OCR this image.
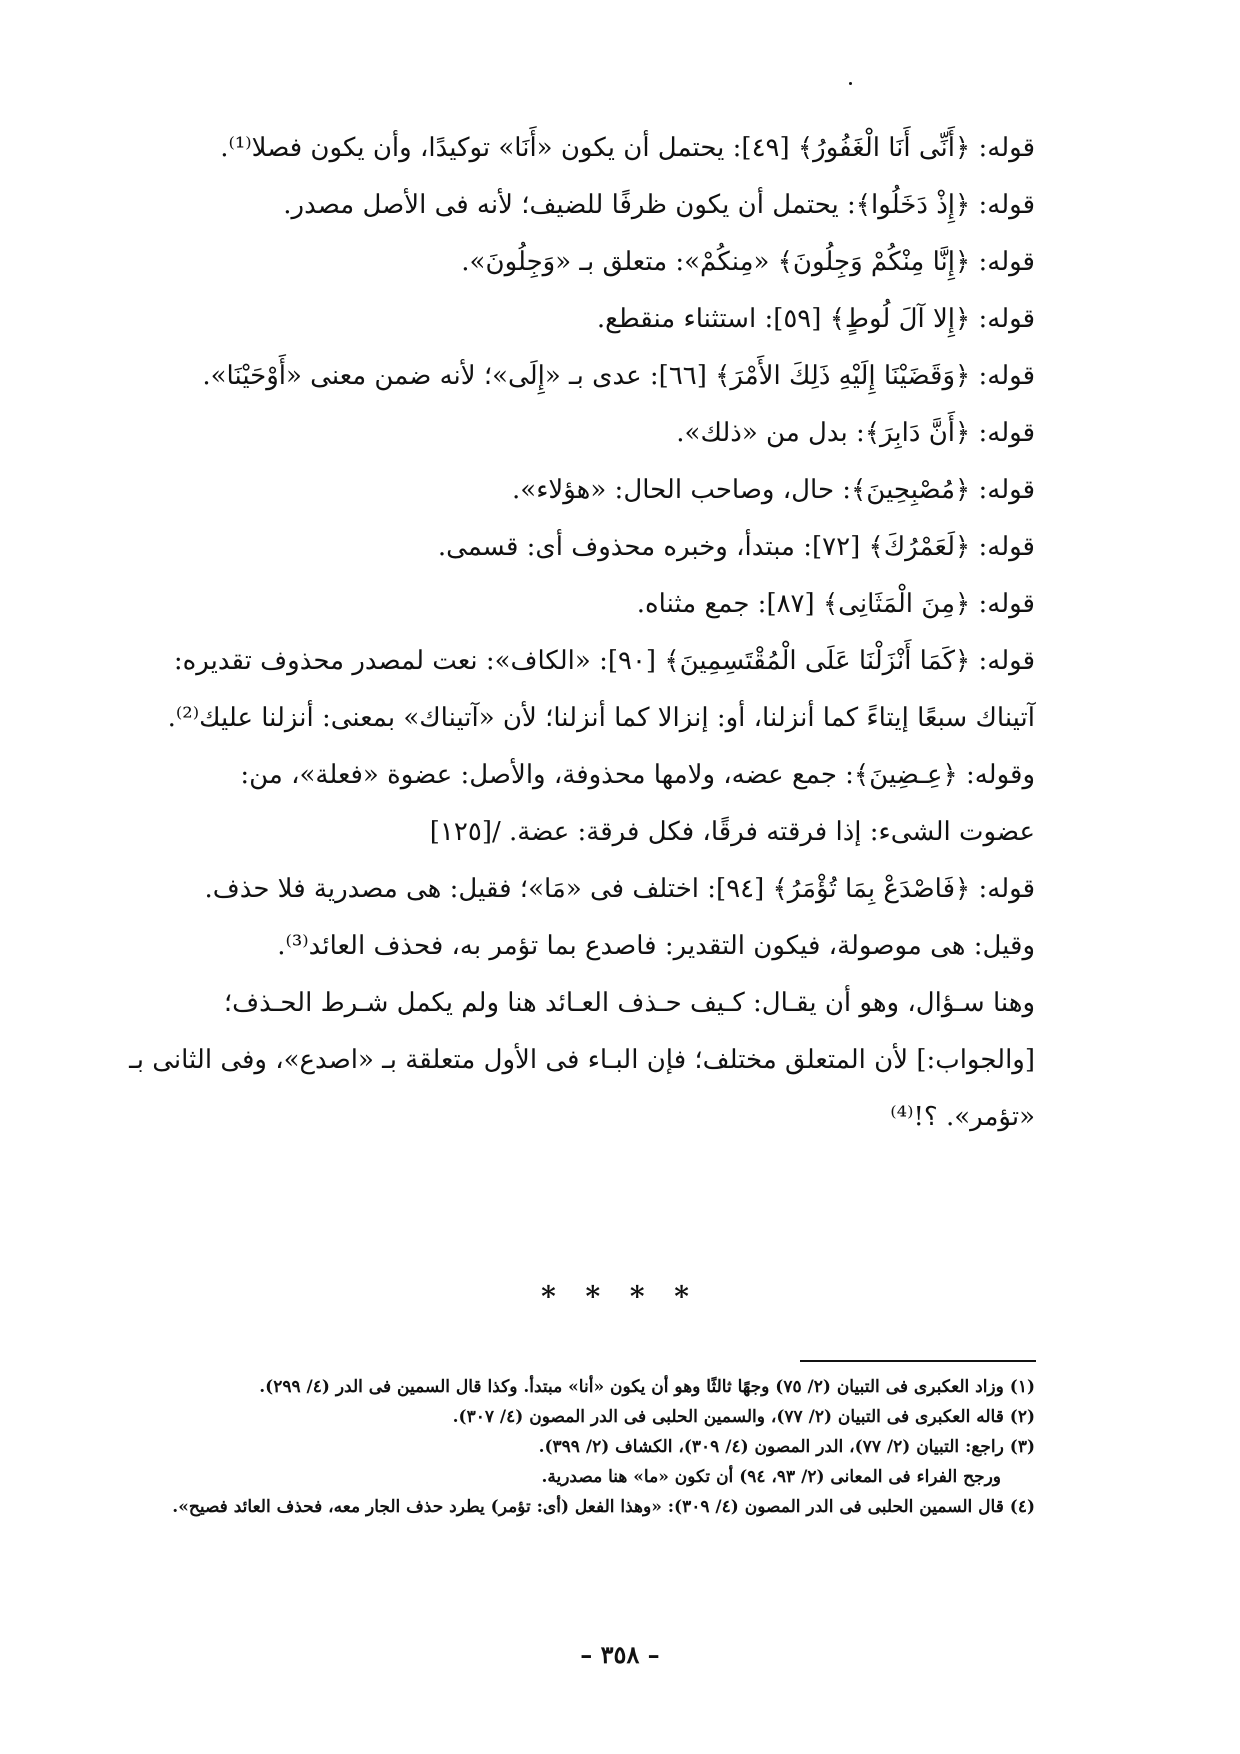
قوله: ﴿أَنِّى أَنَا الْغَفُورُ﴾ [٤٩]: يحتمل أن يكون «أَنَا» توكيدًا، وأن يكون فصلا⁽¹⁾.
قوله: ﴿إِذْ دَخَلُوا﴾: يحتمل أن يكون ظرفًا للضيف؛ لأنه فى الأصل مصدر.
قوله: ﴿إِنَّا مِنْكُمْ وَجِلُونَ﴾ «مِنكُمْ»: متعلق بـ «وَجِلُونَ».
قوله: ﴿إِلا آلَ لُوطٍ﴾ [٥٩]: استثناء منقطع.
قوله: ﴿وَقَضَيْنَا إِلَيْهِ ذَلِكَ الأَمْرَ﴾ [٦٦]: عدى بـ «إِلَى»؛ لأنه ضمن معنى «أَوْحَيْنَا».
قوله: ﴿أَنَّ دَابِرَ﴾: بدل من «ذلك».
قوله: ﴿مُصْبِحِينَ﴾: حال، وصاحب الحال: «هؤلاء».
قوله: ﴿لَعَمْرُكَ﴾ [٧٢]: مبتدأ، وخبره محذوف أى: قسمى.
قوله: ﴿مِنَ الْمَثَانِى﴾ [٨٧]: جمع مثناه.
قوله: ﴿كَمَا أَنْزَلْنَا عَلَى الْمُقْتَسِمِينَ﴾ [٩٠]: «الكاف»: نعت لمصدر محذوف تقديره:
آتيناك سبعًا إيتاءً كما أنزلنا، أو: إنزالا كما أنزلنا؛ لأن «آتيناك» بمعنى: أنزلنا عليك⁽²⁾.
وقوله: ﴿عِـضِينَ﴾: جمع عضه، ولامها محذوفة، والأصل: عضوة «فعلة»، من:
عضوت الشىء: إذا فرقته فرقًا، فكل فرقة: عضة. /[١٢٥]
قوله: ﴿فَاصْدَعْ بِمَا تُؤْمَرُ﴾ [٩٤]: اختلف فى «مَا»؛ فقيل: هى مصدرية فلا حذف.
وقيل: هى موصولة، فيكون التقدير: فاصدع بما تؤمر به، فحذف العائد⁽³⁾.
وهنا سـؤال، وهو أن يقـال: كـيف حـذف العـائد هنا ولم يكمل شـرط الحـذف؛
[والجواب:] لأن المتعلق مختلف؛ فإن البـاء فى الأول متعلقة بـ «اصدع»، وفى الثانى بـ
«تؤمر». ؟!⁽⁴⁾
* * * *
(١) وزاد العكبرى فى التبيان (٢/ ٧٥) وجهًا ثالثًا وهو أن يكون «أنا» مبتدأ. وكذا قال السمين فى الدر (٤/ ٢٩٩).
(٢) قاله العكبرى فى التبيان (٢/ ٧٧)، والسمين الحلبى فى الدر المصون (٤/ ٣٠٧).
(٣) راجع: التبيان (٢/ ٧٧)، الدر المصون (٤/ ٣٠٩)، الكشاف (٢/ ٣٩٩).
ورجح الفراء فى المعانى (٢/ ٩٣، ٩٤) أن تكون «ما» هنا مصدرية.
(٤) قال السمين الحلبى فى الدر المصون (٤/ ٣٠٩): «وهذا الفعل (أى: تؤمر) يطرد حذف الجار معه، فحذف العائد فصيح».
– ٣٥٨ –
